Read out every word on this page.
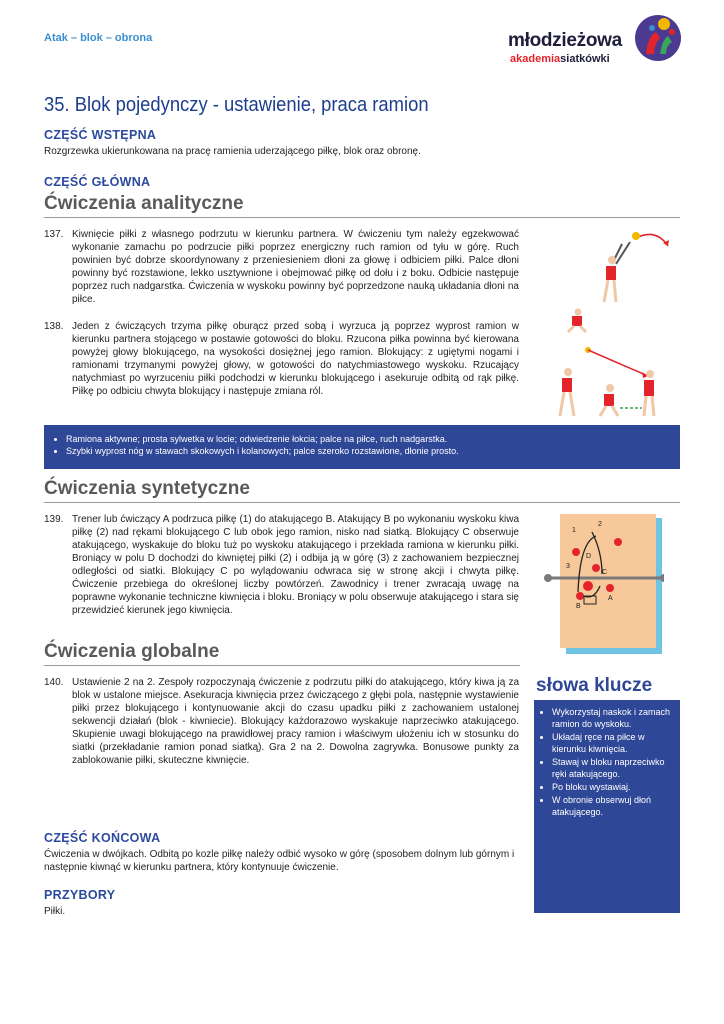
Atak – blok – obrona	młodzieżowa
akademiasiatkówki
35. Blok pojedynczy - ustawienie, praca ramion
CZĘŚĆ WSTĘPNA
Rozgrzewka ukierunkowana na pracę ramienia uderzającego piłkę, blok oraz obronę.
CZĘŚĆ GŁÓWNA
Ćwiczenia analityczne
137. Kiwnięcie piłki z własnego podrzutu w kierunku partnera. W ćwiczeniu tym należy egzekwować wykonanie zamachu po podrzucie piłki poprzez energiczny ruch ramion od tyłu w górę. Ruch powinien być dobrze skoordynowany z przeniesieniem dłoni za głowę i odbiciem piłki. Palce dłoni powinny być rozstawione, lekko usztywnione i obejmować piłkę od dołu i z boku. Odbicie następuje poprzez ruch nadgarstka. Ćwiczenia w wyskoku powinny być poprzedzone nauką układania dłoni na piłce.
138. Jeden z ćwiczących trzyma piłkę oburącz przed sobą i wyrzuca ją poprzez wyprost ramion w kierunku partnera stojącego w postawie gotowości do bloku. Rzucona piłka powinna być kierowana powyżej głowy blokującego, na wysokości dosiężnej jego ramion. Blokujący: z ugiętymi nogami i ramionami trzymanymi powyżej głowy, w gotowości do natychmiastowego wyskoku. Rzucający natychmiast po wyrzuceniu piłki podchodzi w kierunku blokującego i asekuruje odbitą od rąk piłkę. Piłkę po odbiciu chwyta blokujący i następuje zmiana ról.
• Ramiona aktywne; prosta sylwetka w locie; odwiedzenie łokcia; palce na piłce, ruch nadgarstka.
• Szybki wyprost nóg w stawach skokowych i kolanowych; palce szeroko rozstawione, dłonie prosto.
Ćwiczenia syntetyczne
139. Trener lub ćwiczący A podrzuca piłkę (1) do atakującego B. Atakujący B po wykonaniu wyskoku kiwa piłkę (2) nad rękami blokującego C lub obok jego ramion, nisko nad siatką. Blokujący C obserwuje atakującego, wyskakuje do bloku tuż po wyskoku atakującego i przekłada ramiona w kierunku piłki. Broniący w polu D dochodzi do kiwniętej piłki (2) i odbija ją w górę (3) z zachowaniem bezpiecznej odległości od siatki. Blokujący C po wylądowaniu odwraca się w stronę akcji i chwyta piłkę. Ćwiczenie przebiega do określonej liczby powtórzeń. Zawodnicy i trener zwracają uwagę na poprawne wykonanie techniczne kiwnięcia i bloku. Broniący w polu obserwuje atakującego i stara się przewidzieć kierunek jego kiwnięcia.
1
2
3
A
B
C
D
Ćwiczenia globalne
140. Ustawienie 2 na 2. Zespoły rozpoczynają ćwiczenie z podrzutu piłki do atakującego, który kiwa ją za blok w ustalone miejsce. Asekuracja kiwnięcia przez ćwiczącego z głębi pola, następnie wystawienie piłki przez blokującego i kontynuowanie akcji do czasu upadku piłki z zachowaniem ustalonej sekwencji działań (blok - kiwniecie). Blokujący każdorazowo wyskakuje naprzeciwko atakującego. Skupienie uwagi blokującego na prawidłowej pracy ramion i właściwym ułożeniu ich w stosunku do siatki (przekładanie ramion ponad siatką). Gra 2 na 2. Dowolna zagrywka. Bonusowe punkty za zablokowanie piłki, skuteczne kiwnięcie.
słowa klucze
• Wykorzystaj naskok i zamach ramion do wyskoku.
• Układaj ręce na piłce w kierunku kiwnięcia.
• Stawaj w bloku naprzeciwko ręki atakującego.
• Po bloku wystawiaj.
• W obronie obserwuj dłoń atakującego.
CZĘŚĆ KOŃCOWA
Ćwiczenia w dwójkach. Odbitą po kozle piłkę należy odbić wysoko w górę (sposobem dolnym lub górnym i następnie kiwnąć w kierunku partnera, który kontynuuje ćwiczenie.
PRZYBORY
Piłki.
